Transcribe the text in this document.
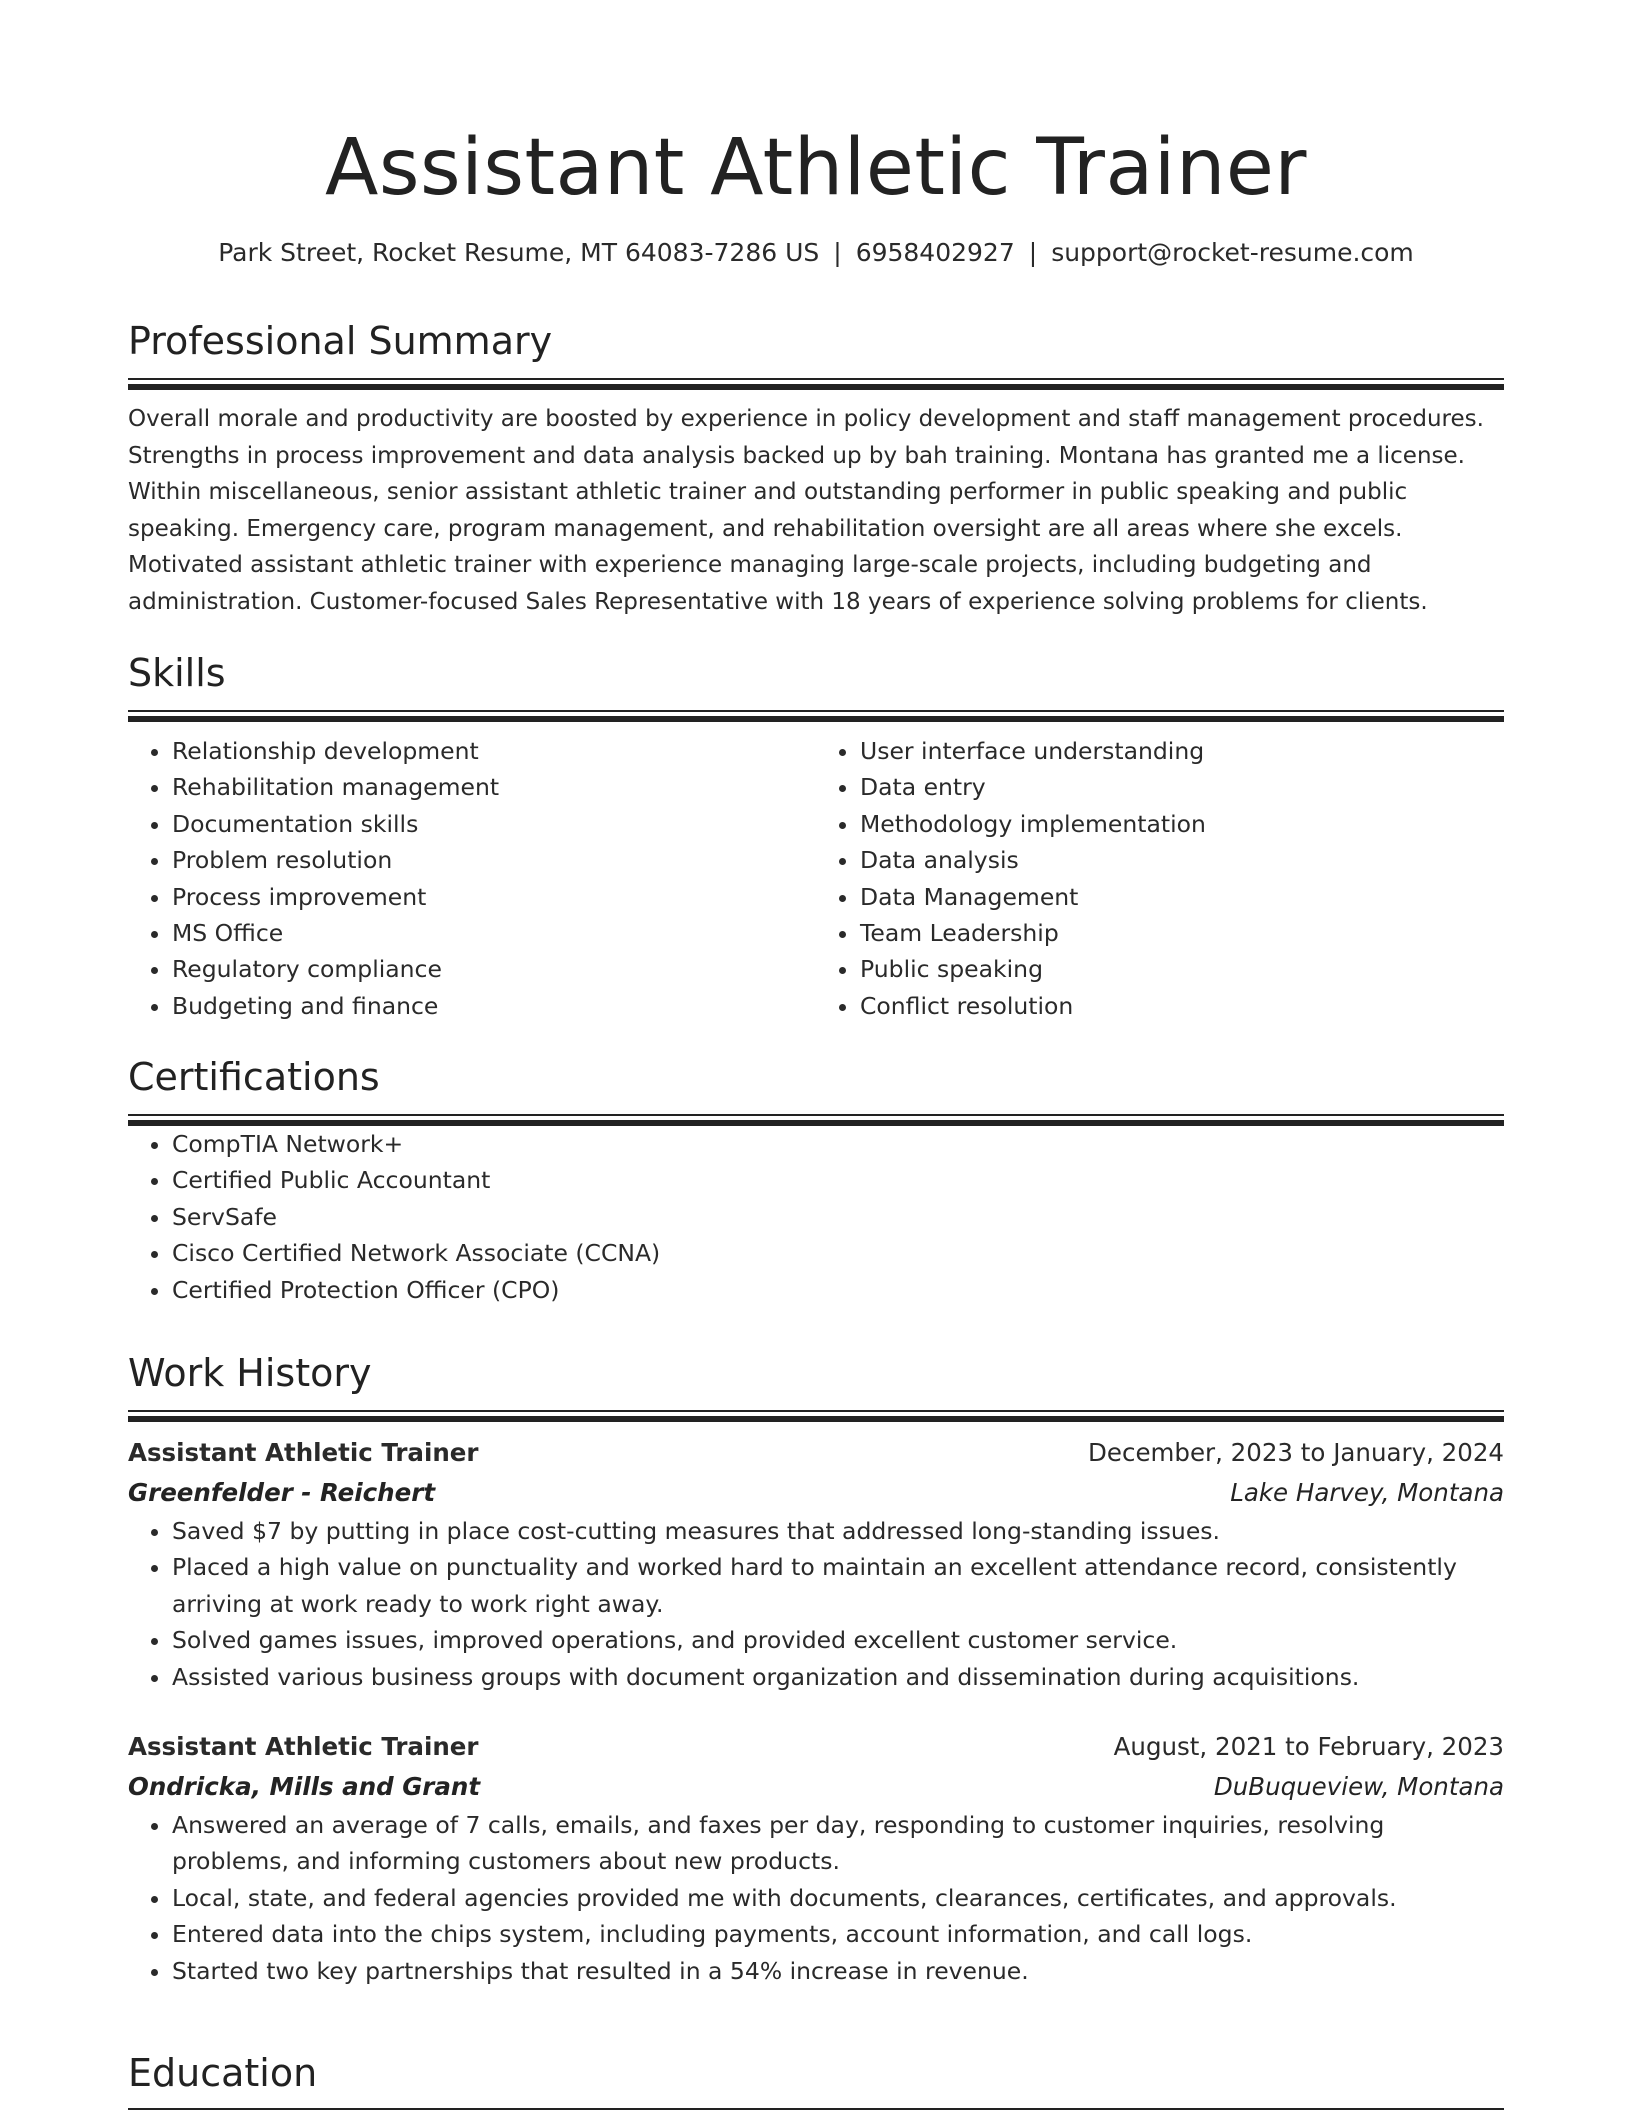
Assistant Athletic Trainer
Park Street, Rocket Resume, MT 64083-7286 US | 6958402927 | support@rocket-resume.com
Professional Summary
Overall morale and productivity are boosted by experience in policy development and staff management procedures.
Strengths in process improvement and data analysis backed up by bah training. Montana has granted me a license.
Within miscellaneous, senior assistant athletic trainer and outstanding performer in public speaking and public
speaking. Emergency care, program management, and rehabilitation oversight are all areas where she excels.
Motivated assistant athletic trainer with experience managing large-scale projects, including budgeting and
administration. Customer-focused Sales Representative with 18 years of experience solving problems for clients.
Skills
• Relationship development
• Rehabilitation management
• Documentation skills
• Problem resolution
• Process improvement
• MS Office
• Regulatory compliance
• Budgeting and finance
• User interface understanding
• Data entry
• Methodology implementation
• Data analysis
• Data Management
• Team Leadership
• Public speaking
• Conflict resolution
Certifications
• CompTIA Network+
• Certified Public Accountant
• ServSafe
• Cisco Certified Network Associate (CCNA)
• Certified Protection Officer (CPO)
Work History
Assistant Athletic Trainer	December, 2023 to January, 2024
Greenfelder - Reichert	Lake Harvey, Montana
• Saved $7 by putting in place cost-cutting measures that addressed long-standing issues.
• Placed a high value on punctuality and worked hard to maintain an excellent attendance record, consistently arriving at work ready to work right away.
• Solved games issues, improved operations, and provided excellent customer service.
• Assisted various business groups with document organization and dissemination during acquisitions.
Assistant Athletic Trainer	August, 2021 to February, 2023
Ondricka, Mills and Grant	DuBuqueview, Montana
• Answered an average of 7 calls, emails, and faxes per day, responding to customer inquiries, resolving problems, and informing customers about new products.
• Local, state, and federal agencies provided me with documents, clearances, certificates, and approvals.
• Entered data into the chips system, including payments, account information, and call logs.
• Started two key partnerships that resulted in a 54% increase in revenue.
Education
